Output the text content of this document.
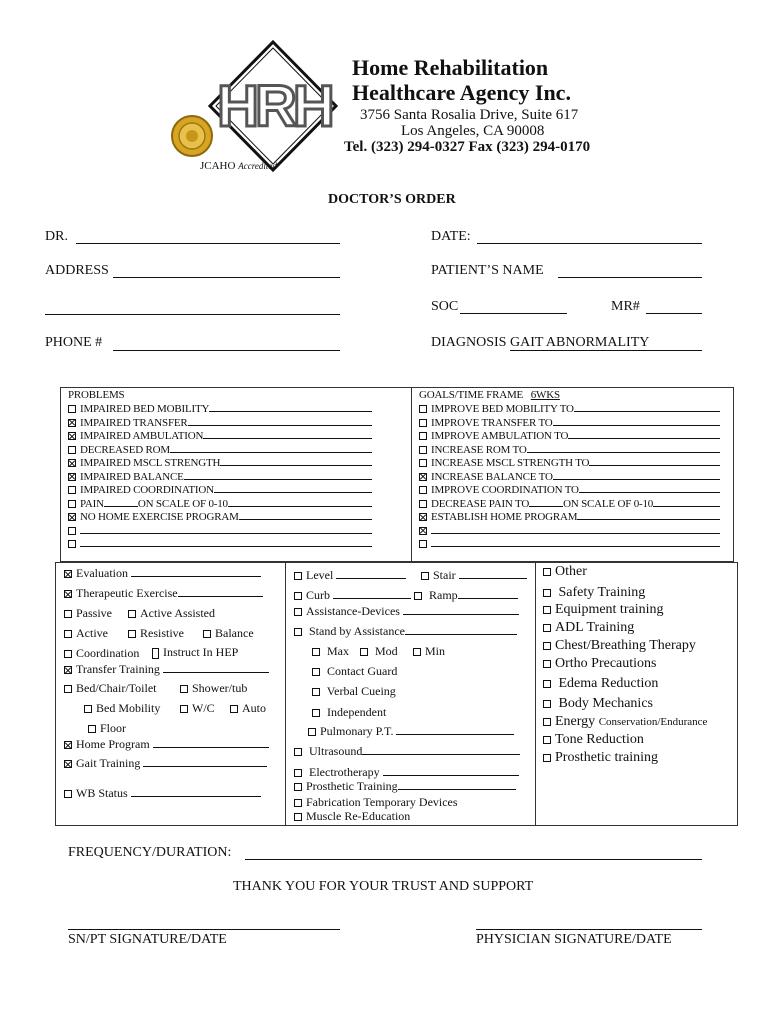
HRH
JCAHO Accredited
Home Rehabilitation
Healthcare Agency Inc.
3756 Santa Rosalia Drive, Suite 617
Los Angeles, CA 90008
Tel. (323) 294-0327 Fax (323) 294-0170
DOCTOR’S ORDER
DR.	DATE:
ADDRESS	PATIENT’S NAME
SOC	MR#
PHONE #	DIAGNOSIS GAIT ABNORMALITY
PROBLEMS
IMPAIRED BED MOBILITY
IMPAIRED TRANSFER
IMPAIRED AMBULATION
DECREASED ROM
IMPAIRED MSCL STRENGTH
IMPAIRED BALANCE
IMPAIRED COORDINATION
PAIN	ON SCALE OF 0-10
NO HOME EXERCISE PROGRAM
GOALS/TIME FRAME 6WKS
IMPROVE BED MOBILITY TO
IMPROVE TRANSFER TO
IMPROVE AMBULATION TO
INCREASE ROM TO
INCREASE MSCL STRENGTH TO
INCREASE BALANCE TO
IMPROVE COORDINATION TO
DECREASE PAIN TO	ON SCALE OF 0-10
ESTABLISH HOME PROGRAM
Evaluation
Therapeutic Exercise
Passive	Active Assisted
Active	Resistive	Balance
Coordination	Instruct In HEP
Transfer Training
Bed/Chair/Toilet	Shower/tub
Bed Mobility	W/C	Auto
Floor
Home Program
Gait Training
WB Status
Level	Stair
Curb	Ramp
Assistance-Devices
Stand by Assistance
Max	Mod	Min
Contact Guard
Verbal Cueing
Independent
Pulmonary P.T.
Ultrasound
Electrotherapy
Prosthetic Training
Fabrication Temporary Devices
Muscle Re-Education
Other
Safety Training
Equipment training
ADL Training
Chest/Breathing Therapy
Ortho Precautions
Edema Reduction
Body Mechanics
Energy Conservation/Endurance
Tone Reduction
Prosthetic training
FREQUENCY/DURATION:
THANK YOU FOR YOUR TRUST AND SUPPORT
SN/PT SIGNATURE/DATE	PHYSICIAN SIGNATURE/DATE
